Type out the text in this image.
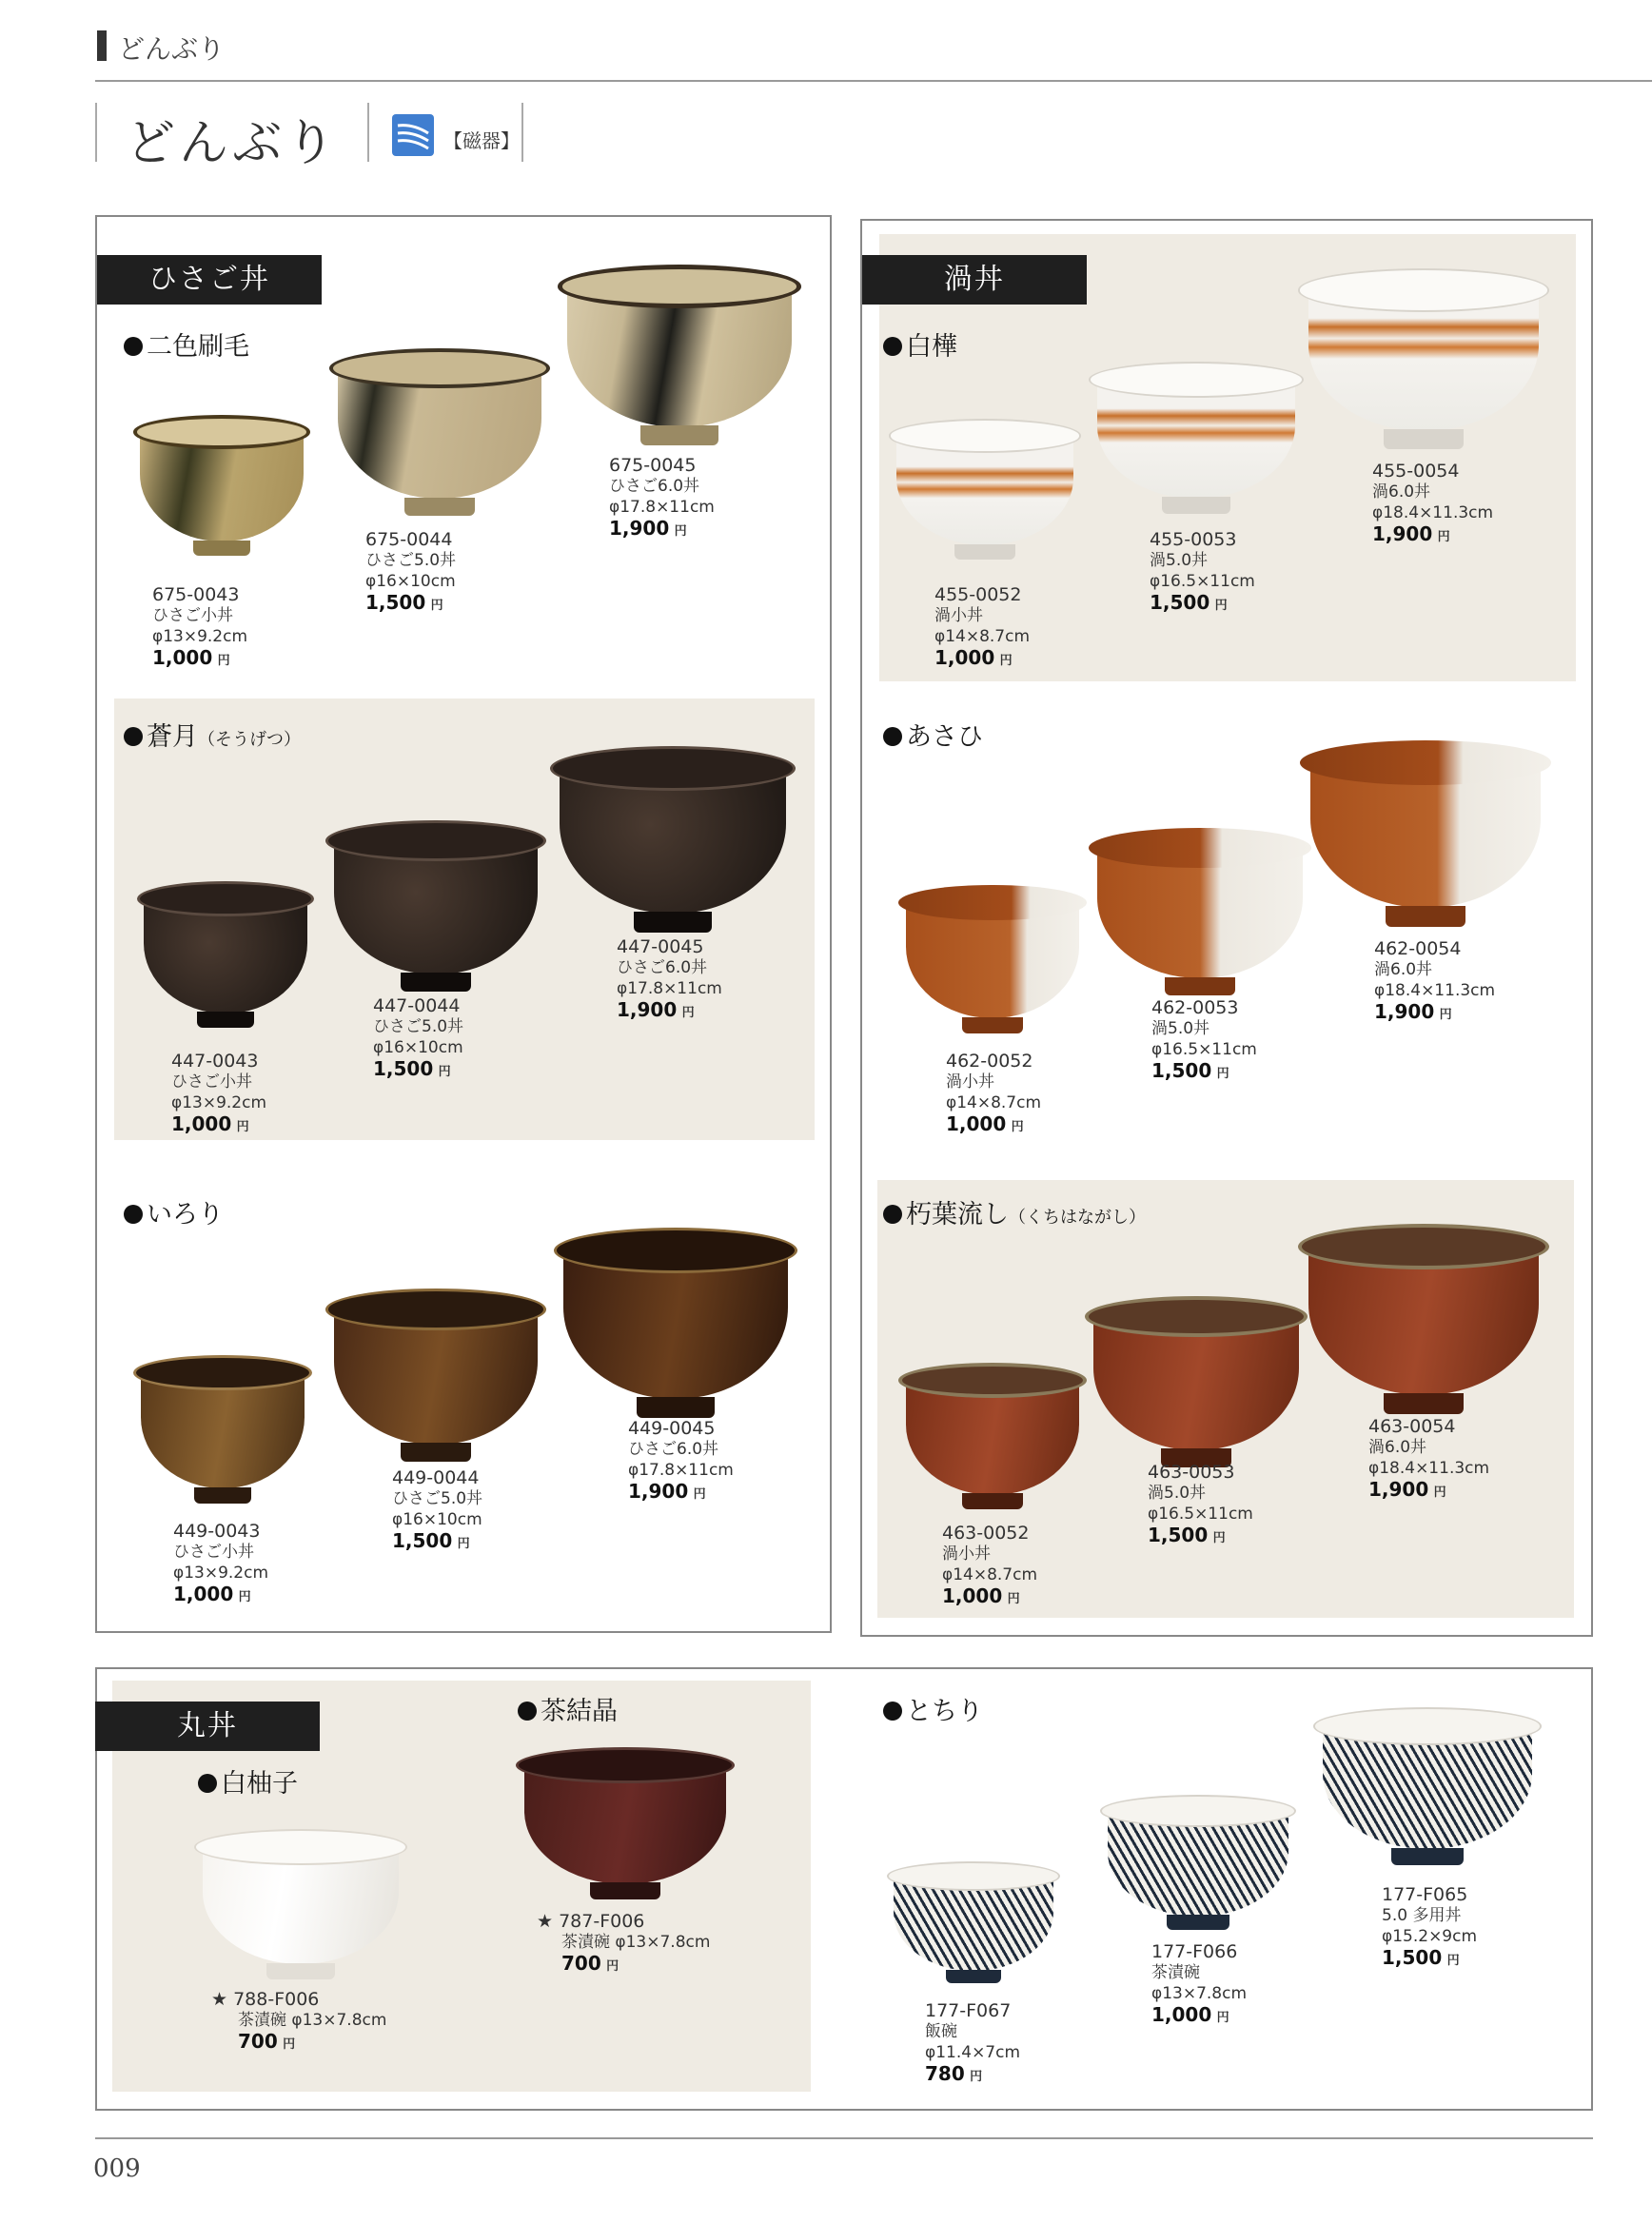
どんぶり
どんぶり	【磁器】
ひさご丼
二色刷毛
675-0043
ひさご小丼
φ13×9.2cm
1,000 円
675-0044
ひさご5.0丼
φ16×10cm
1,500 円
675-0045
ひさご6.0丼
φ17.8×11cm
1,900 円
蒼月（そうげつ）
447-0043
ひさご小丼
φ13×9.2cm
1,000 円
447-0044
ひさご5.0丼
φ16×10cm
1,500 円
447-0045
ひさご6.0丼
φ17.8×11cm
1,900 円
いろり
449-0043
ひさご小丼
φ13×9.2cm
1,000 円
449-0044
ひさご5.0丼
φ16×10cm
1,500 円
449-0045
ひさご6.0丼
φ17.8×11cm
1,900 円
渦丼
白樺
455-0052
渦小丼
φ14×8.7cm
1,000 円
455-0053
渦5.0丼
φ16.5×11cm
1,500 円
455-0054
渦6.0丼
φ18.4×11.3cm
1,900 円
あさひ
462-0052
渦小丼
φ14×8.7cm
1,000 円
462-0053
渦5.0丼
φ16.5×11cm
1,500 円
462-0054
渦6.0丼
φ18.4×11.3cm
1,900 円
朽葉流し（くちはながし）
463-0052
渦小丼
φ14×8.7cm
1,000 円
463-0053
渦5.0丼
φ16.5×11cm
1,500 円
463-0054
渦6.0丼
φ18.4×11.3cm
1,900 円
丸丼
白柚子
茶結晶	とちり
★ 788-F006
茶漬碗 φ13×7.8cm
700 円
★ 787-F006
茶漬碗 φ13×7.8cm
700 円
177-F067
飯碗
φ11.4×7cm
780 円
177-F066
茶漬碗
φ13×7.8cm
1,000 円
177-F065
5.0 多用丼
φ15.2×9cm
1,500 円
009
